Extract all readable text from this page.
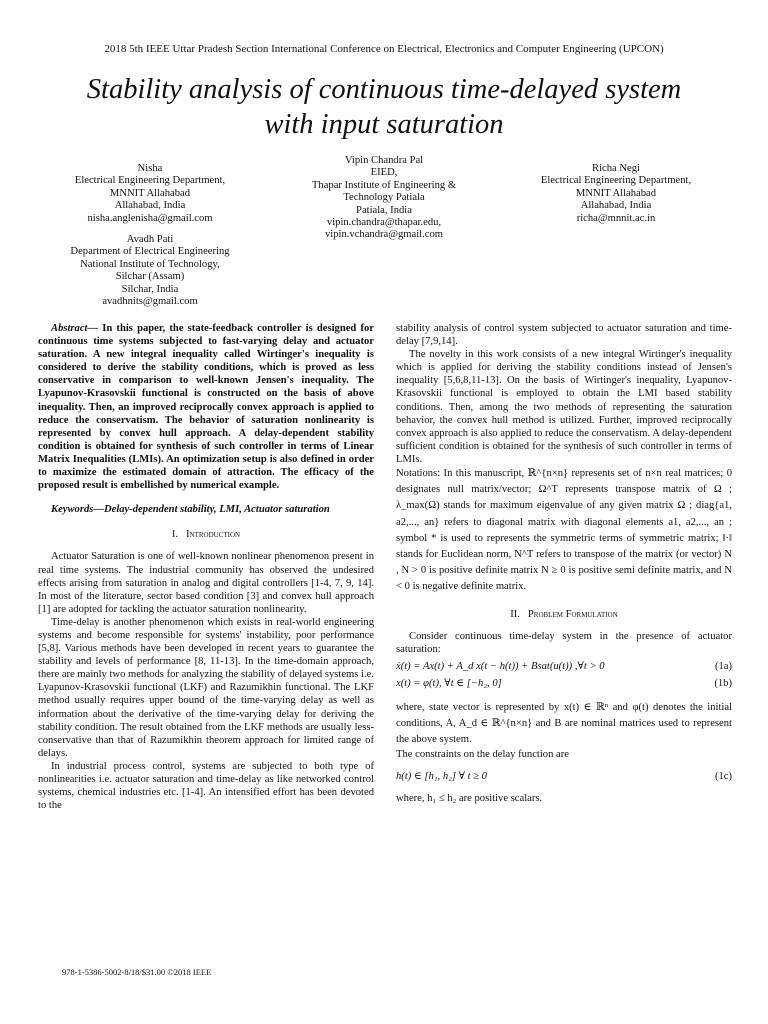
2018 5th IEEE Uttar Pradesh Section International Conference on Electrical, Electronics and Computer Engineering (UPCON)
Stability analysis of continuous time-delayed system
with input saturation
Nisha
Electrical Engineering Department,
MNNIT Allahabad
Allahabad, India
nisha.anglenisha@gmail.com
Vipin Chandra Pal
EIED,
Thapar Institute of Engineering &
Technology Patiala
Patiala, India
vipin.chandra@thapar.edu,
vipin.vchandra@gmail.com
Richa Negi
Electrical Engineering Department,
MNNIT Allahabad
Allahabad, India
richa@mnnit.ac.in
Avadh Pati
Department of Electrical Engineering
National Institute of Technology,
Silchar (Assam)
Silchar, India
avadhnits@gmail.com

Abstract— In this paper, the state-feedback controller is designed for continuous time systems subjected to fast-varying delay and actuator saturation. A new integral inequality called Wirtinger's inequality is considered to derive the stability conditions, which is proved as less conservative in comparison to well-known Jensen's inequality. The Lyapunov-Krasovskii functional is constructed on the basis of above inequality. Then, an improved reciprocally convex approach is applied to reduce the conservatism. The behavior of saturation nonlinearity is represented by convex hull approach. A delay-dependent stability condition is obtained for synthesis of such controller in terms of Linear Matrix Inequalities (LMIs). An optimization setup is also defined in order to maximize the estimated domain of attraction. The efficacy of the proposed result is embellished by numerical example.

Keywords—Delay-dependent stability, LMI, Actuator saturation

I. Introduction

Actuator Saturation is one of well-known nonlinear phenomenon present in real time systems. The industrial community has observed the undesired effects arising from saturation in analog and digital controllers [1-4, 7, 9, 14]. In most of the literature, sector based condition [3] and convex hull approach [1] are adopted for tackling the actuator saturation nonlinearity.

Time-delay is another phenomenon which exists in real-world engineering systems and become responsible for systems' instability, poor performance [5,8]. Various methods have been developed in recent years to guarantee the stability and levels of performance [8, 11-13]. In the time-domain approach, there are mainly two methods for analyzing the stability of delayed systems i.e. Lyapunov-Krasovskii functional (LKF) and Razumikhin functional. The LKF method usually requires upper bound of the time-varying delay as well as information about the derivative of the time-varying delay for deriving the stability condition. The result obtained from the LKF methods are usually less-conservative than that of Razumikhin theorem approach for limited range of delays.

In industrial process control, systems are subjected to both type of nonlinearities i.e. actuator saturation and time-delay as like networked control systems, chemical industries etc. [1-4]. An intensified effort has been devoted to the

stability analysis of control system subjected to actuator saturation and time-delay [7,9,14].

The novelty in this work consists of a new integral Wirtinger's inequality which is applied for deriving the stability conditions instead of Jensen's inequality [5,6,8,11-13]. On the basis of Wirtinger's inequality, Lyapunov-Krasovskii functional is employed to obtain the LMI based stability conditions. Then, among the two methods of representing the saturation behavior, the convex hull method is utilized. Further, improved reciprocally convex approach is also applied to reduce the conservatism. A delay-dependent sufficient condition is obtained for the synthesis of such controller in terms of LMIs.

Notations: In this manuscript, ℝ^{n×n} represents set of n×n real matrices; 0 designates null matrix/vector; Ω^T represents transpose matrix of Ω ; λ_max(Ω) stands for maximum eigenvalue of any given matrix Ω ; diag{a1, a2,..., an} refers to diagonal matrix with diagonal elements a1, a2,..., an ; symbol * is used to represents the symmetric terms of symmetric matrix; ‖·‖ stands for Euclidean norm, N^T refers to transpose of the matrix (or vector) N , N > 0 is positive definite matrix N ≥ 0 is positive semi definite matrix, and N < 0 is negative definite matrix.

II. Problem Formulation

Consider continuous time-delay system in the presence of actuator saturation:

ẋ(t) = Ax(t) + A_d x(t − h(t)) + Bsat(u(t)) ,∀t > 0	(1a)
x(t) = φ(t), ∀t ∈ [−h₂, 0]	(1b)

where, state vector is represented by x(t) ∈ ℝⁿ and φ(t) denotes the initial conditions, A, A_d ∈ ℝ^{n×n} and B are nominal matrices used to represent the above system.

The constraints on the delay function are

h(t) ∈ [h₁, h₂] ∀ t ≥ 0	(1c)

where, h₁ ≤ h₂ are positive scalars.

978-1-5386-5002-8/18/$31.00 ©2018 IEEE
